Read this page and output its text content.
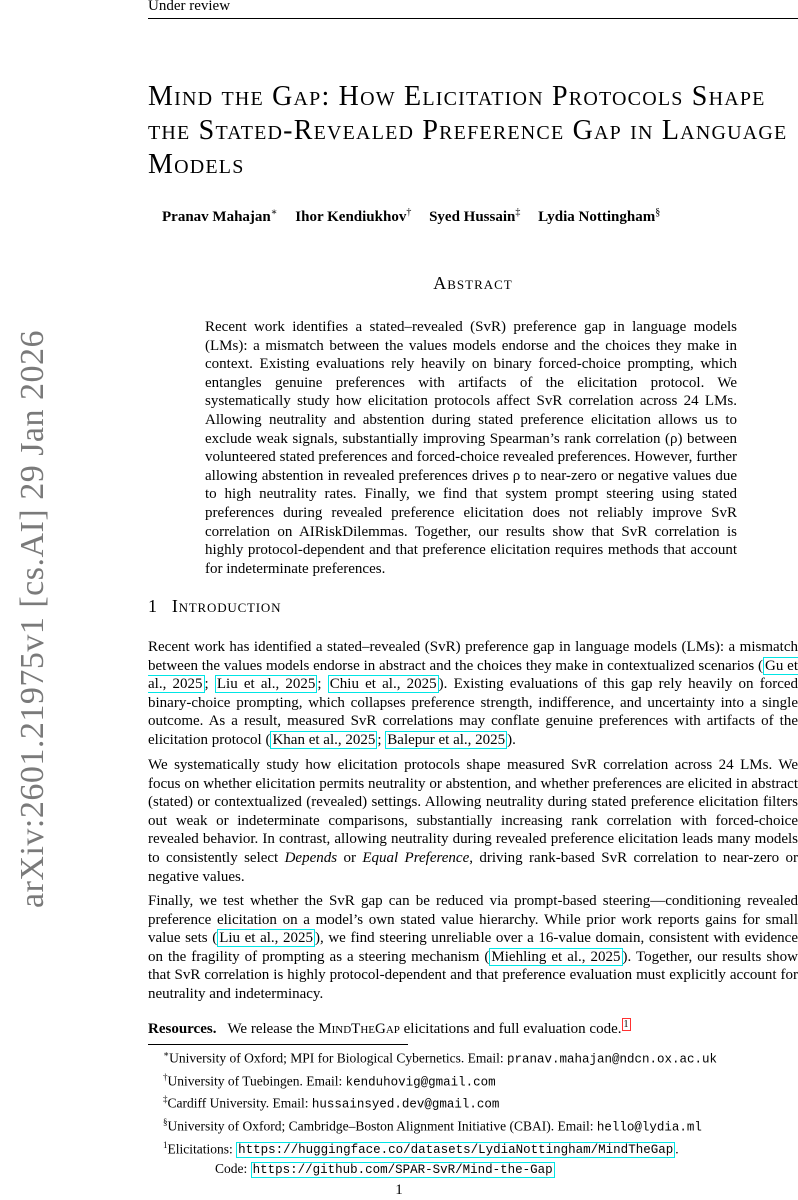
Under review
arXiv:2601.21975v1 [cs.AI] 29 Jan 2026
Mind the Gap: How Elicitation Protocols Shape the Stated-Revealed Preference Gap in Language Models
Pranav Mahajan∗ Ihor Kendiukhov† Syed Hussain‡ Lydia Nottingham§
Abstract
Recent work identifies a stated–revealed (SvR) preference gap in language models (LMs): a mismatch between the values models endorse and the choices they make in context. Existing evaluations rely heavily on binary forced-choice prompting, which entangles genuine preferences with artifacts of the elicitation protocol. We systematically study how elicitation protocols affect SvR correlation across 24 LMs. Allowing neutrality and abstention during stated preference elicitation allows us to exclude weak signals, substantially improving Spearman’s rank correlation (ρ) between volunteered stated preferences and forced-choice revealed preferences. However, further allowing abstention in revealed preferences drives ρ to near-zero or negative values due to high neutrality rates. Finally, we find that system prompt steering using stated preferences during revealed preference elicitation does not reliably improve SvR correlation on AIRiskDilemmas. Together, our results show that SvR correlation is highly protocol-dependent and that preference elicitation requires methods that account for indeterminate preferences.
1 Introduction
Recent work has identified a stated–revealed (SvR) preference gap in language models (LMs): a mismatch between the values models endorse in abstract and the choices they make in contextualized scenarios ( Gu et al., 2025 ; Liu et al., 2025 ; Chiu et al., 2025 ). Existing evaluations of this gap rely heavily on forced binary-choice prompting, which collapses preference strength, indifference, and uncertainty into a single outcome. As a result, measured SvR correlations may conflate genuine preferences with artifacts of the elicitation protocol ( Khan et al., 2025 ; Balepur et al., 2025 ).
We systematically study how elicitation protocols shape measured SvR correlation across 24 LMs. We focus on whether elicitation permits neutrality or abstention, and whether preferences are elicited in abstract (stated) or contextualized (revealed) settings. Allowing neutrality during stated preference elicitation filters out weak or indeterminate comparisons, substantially increasing rank correlation with forced-choice revealed behavior. In contrast, allowing neutrality during revealed preference elicitation leads many models to consistently select Depends or Equal Preference, driving rank-based SvR correlation to near-zero or negative values.
Finally, we test whether the SvR gap can be reduced via prompt-based steering—conditioning revealed preference elicitation on a model’s own stated value hierarchy. While prior work reports gains for small value sets ( Liu et al., 2025 ), we find steering unreliable over a 16-value domain, consistent with evidence on the fragility of prompting as a steering mechanism ( Miehling et al., 2025 ). Together, our results show that SvR correlation is highly protocol-dependent and that preference evaluation must explicitly account for neutrality and indeterminacy.
Resources. We release the MindTheGap elicitations and full evaluation code. $^1$
∗University of Oxford; MPI for Biological Cybernetics. Email: pranav.mahajan@ndcn.ox.ac.uk
†University of Tuebingen. Email: kenduhovig@gmail.com
‡Cardiff University. Email: hussainsyed.dev@gmail.com
§University of Oxford; Cambridge–Boston Alignment Initiative (CBAI). Email: hello@lydia.ml
$^1$Elicitations: https://huggingface.co/datasets/LydiaNottingham/MindTheGap .
Code: https://github.com/SPAR-SvR/Mind-the-Gap
1
